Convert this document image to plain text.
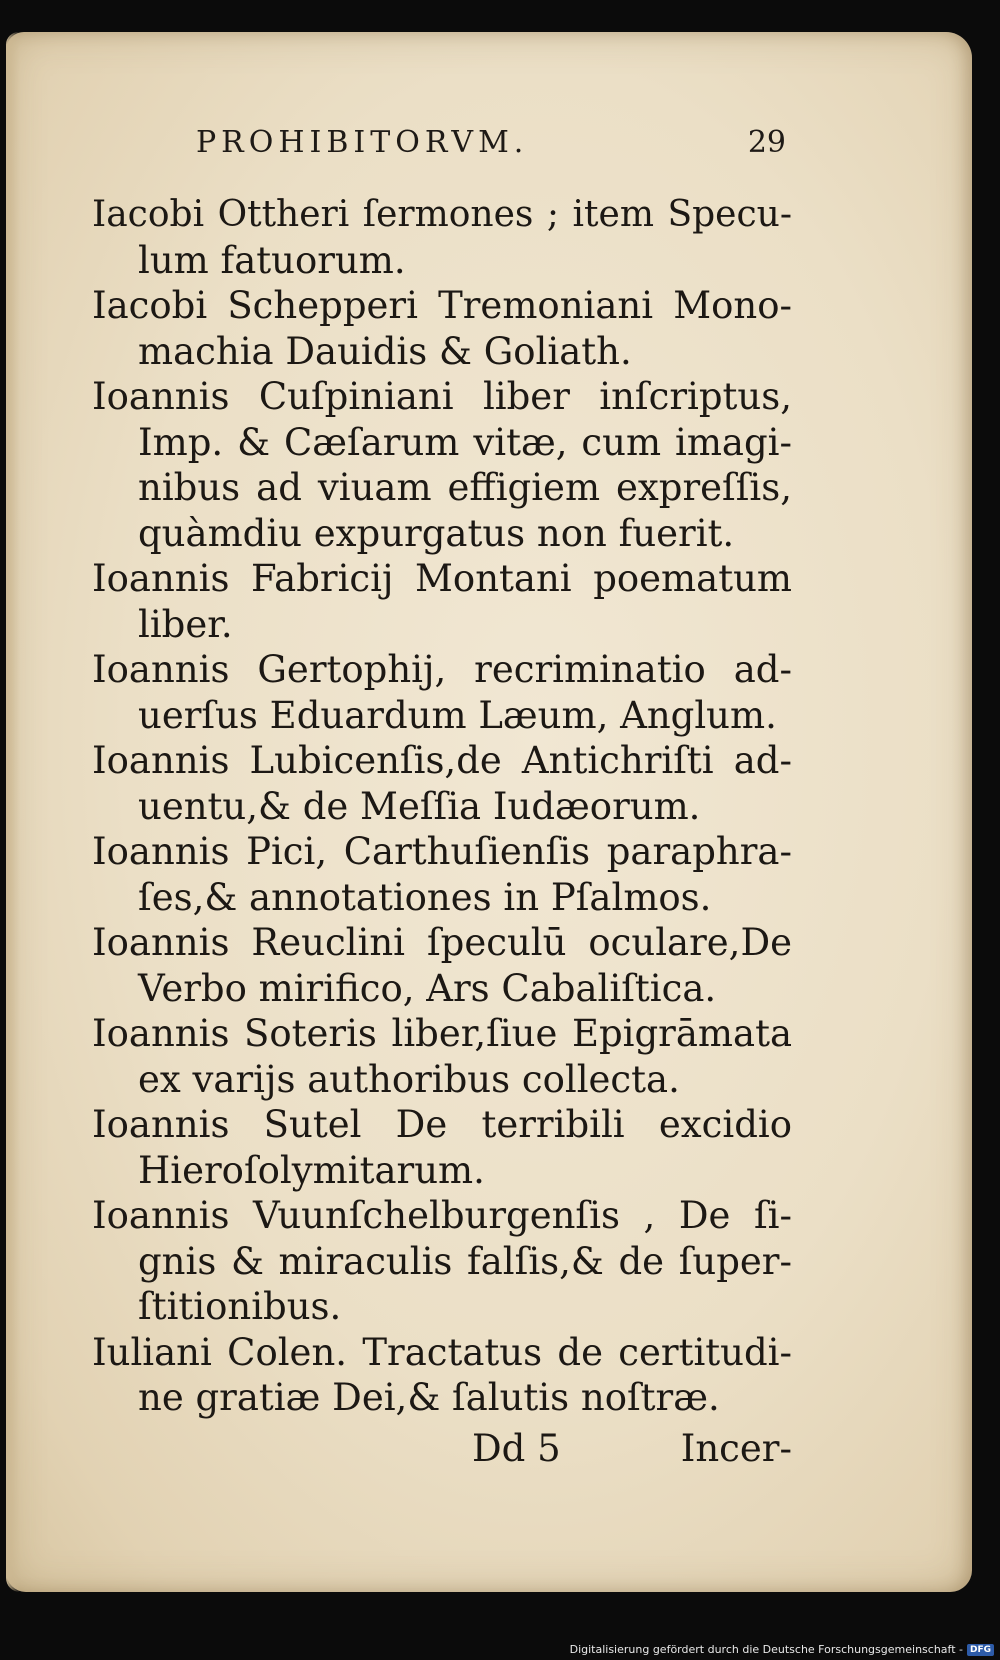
PROHIBITORVM.	29
Iacobi Ottheri ſermones ; item Specu-
lum fatuorum.
Iacobi Schepperi Tremoniani Mono-
machia Dauidis & Goliath.
Ioannis Cuſpiniani liber inſcriptus,
Imp. & Cæſarum vitæ, cum imagi-
nibus ad viuam effigiem expreſſis,
quàmdiu expurgatus non fuerit.
Ioannis Fabricij Montani poematum
liber.
Ioannis Gertophij, recriminatio ad-
uerſus Eduardum Læum, Anglum.
Ioannis Lubicenſis,de Antichriſti ad-
uentu,& de Meſſia Iudæorum.
Ioannis Pici, Carthuſienſis paraphra-
ſes,& annotationes in Pſalmos.
Ioannis Reuclini ſpeculū oculare,De
Verbo mirifico, Ars Cabaliſtica.
Ioannis Soteris liber,ſiue Epigrāmata
ex varijs authoribus collecta.
Ioannis Sutel De terribili excidio
Hieroſolymitarum.
Ioannis Vuunſchelburgenſis , De ſi-
gnis & miraculis falſis,& de ſuper-
ſtitionibus.
Iuliani Colen. Tractatus de certitudi-
ne gratiæ Dei,& ſalutis noſtræ.
Dd 5	Incer-
Digitalisierung gefördert durch die Deutsche Forschungsgemeinschaft - DFG
